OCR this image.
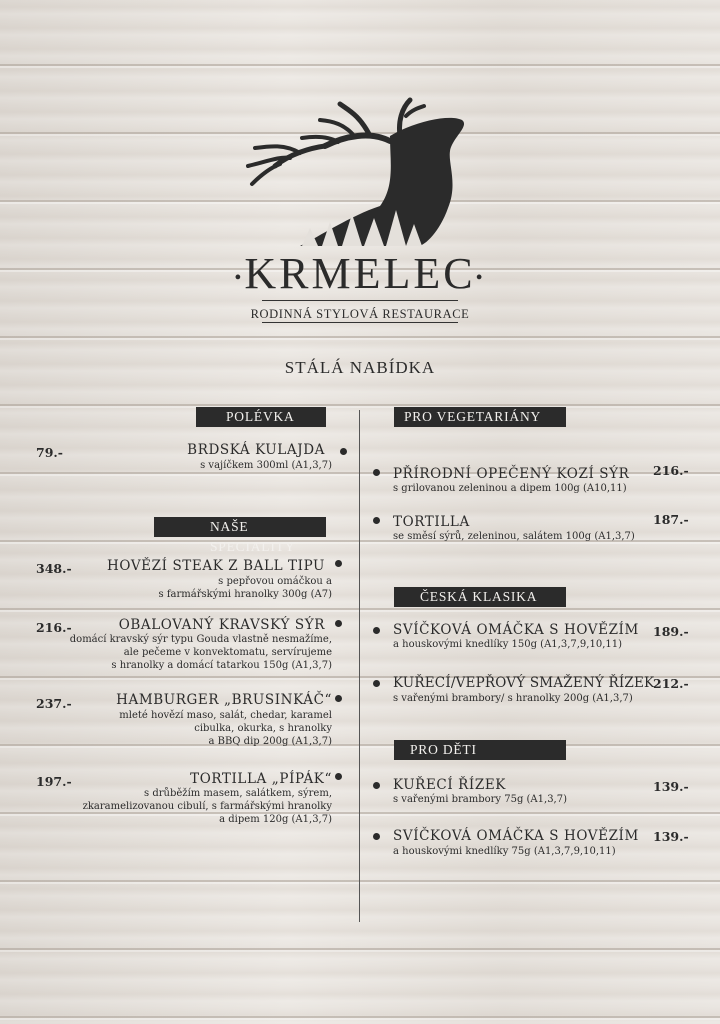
•KRMELEC•
RODINNÁ STYLOVÁ RESTAURACE
STÁLÁ NABÍDKA
POLÉVKA
79.-	BRDSKÁ KULAJDA
s vajíčkem 300ml (A1,3,7)
NAŠE SPECIALITY
348.-	HOVĚZÍ STEAK Z BALL TIPU
s pepřovou omáčkou a
s farmářskými hranolky 300g (A7)
216.-	OBALOVANÝ KRAVSKÝ SÝR
domácí kravský sýr typu Gouda vlastně nesmažíme,
ale pečeme v konvektomatu, servírujeme
s hranolky a domácí tatarkou 150g (A1,3,7)
237.-	HAMBURGER „BRUSINKÁČ“
mleté hovězí maso, salát, chedar, karamel
cibulka, okurka, s hranolky
a BBQ dip 200g (A1,3,7)
197.-	TORTILLA „PÍPÁK“
s drůběžím masem, salátkem, sýrem,
zkaramelizovanou cibulí, s farmářskými hranolky
a dipem 120g (A1,3,7)
PRO VEGETARIÁNY
PŘÍRODNÍ OPEČENÝ KOZÍ SÝR 216.-
s grilovanou zeleninou a dipem 100g (A10,11)
TORTILLA	187.-
se směsí sýrů, zeleninou, salátem 100g (A1,3,7)
ČESKÁ KLASIKA
SVÍČKOVÁ OMÁČKA S HOVĚZÍM 189.-
a houskovými knedlíky 150g (A1,3,7,9,10,11)
KUŘECÍ/VEPŘOVÝ SMAŽENÝ ŘÍZEK
212.-
s vařenými brambory/ s hranolky 200g (A1,3,7)
PRO DĚTI
KUŘECÍ ŘÍZEK	139.-
s vařenými brambory 75g (A1,3,7)
SVÍČKOVÁ OMÁČKA S HOVĚZÍM 139.-
a houskovými knedlíky 75g (A1,3,7,9,10,11)
